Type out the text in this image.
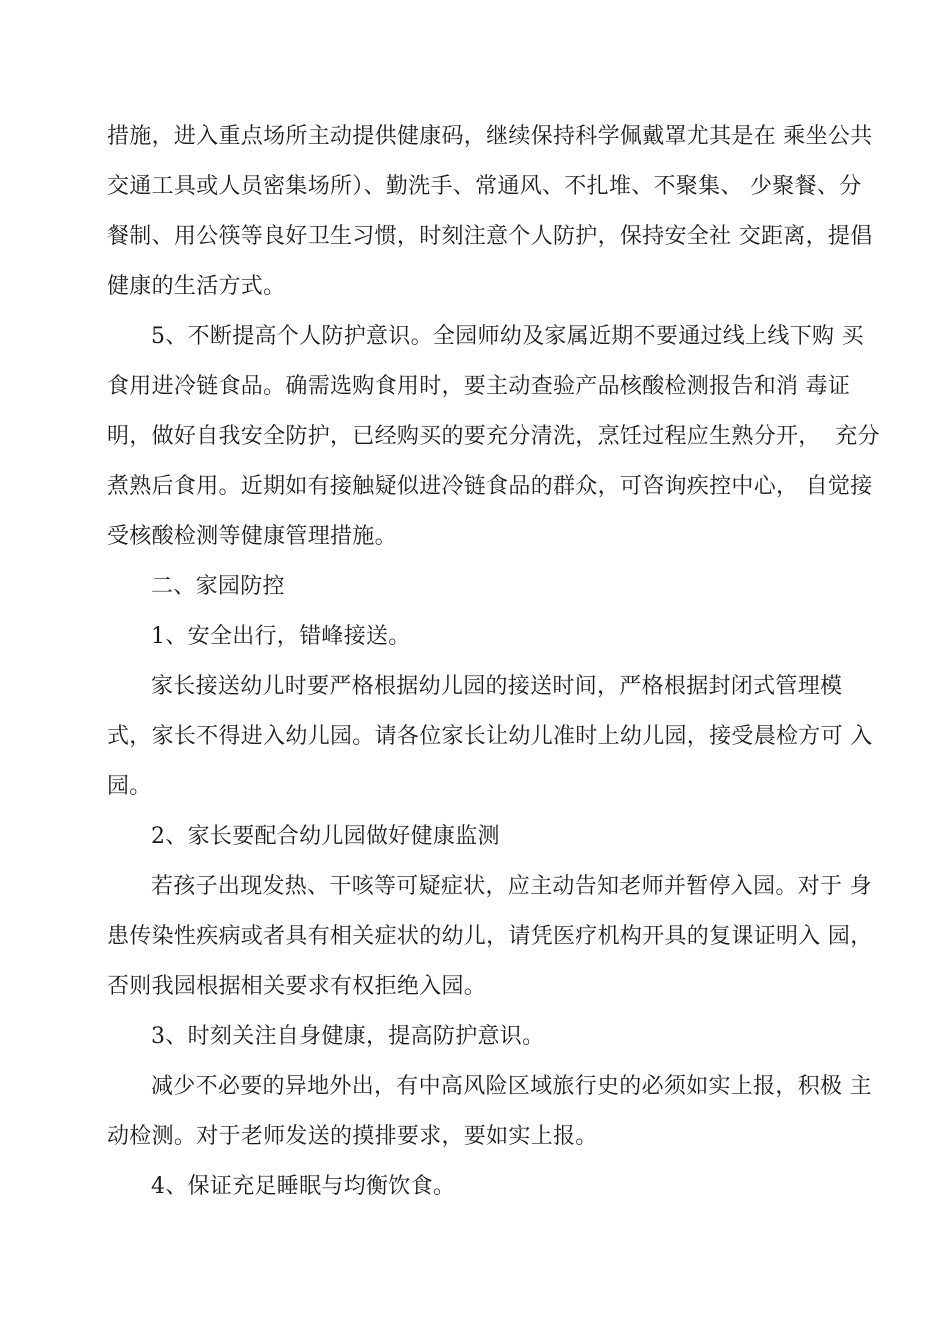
措施，进入重点场所主动提供健康码，继续保持科学佩戴罩尤其是在 乘坐公共
交通工具或人员密集场所）、勤洗手、常通风、不扎堆、不聚集、 少聚餐、分
餐制、用公筷等良好卫生习惯，时刻注意个人防护，保持安全社 交距离，提倡
健康的生活方式。
5、不断提高个人防护意识。全园师幼及家属近期不要通过线上线下购 买
食用进冷链食品。确需选购食用时，要主动查验产品核酸检测报告和消 毒证
明，做好自我安全防护，已经购买的要充分清洗，烹饪过程应生熟分开，  充分
煮熟后食用。近期如有接触疑似进冷链食品的群众，可咨询疾控中心， 自觉接
受核酸检测等健康管理措施。
二、家园防控
1、安全出行，错峰接送。
家长接送幼儿时要严格根据幼儿园的接送时间，严格根据封闭式管理模
式，家长不得进入幼儿园。请各位家长让幼儿准时上幼儿园，接受晨检方可 入
园。
2、家长要配合幼儿园做好健康监测
若孩子出现发热、干咳等可疑症状，应主动告知老师并暂停入园。对于 身
患传染性疾病或者具有相关症状的幼儿，请凭医疗机构开具的复课证明入 园，
否则我园根据相关要求有权拒绝入园。
3、时刻关注自身健康，提高防护意识。
减少不必要的异地外出，有中高风险区域旅行史的必须如实上报，积极 主
动检测。对于老师发送的摸排要求，要如实上报。
4、保证充足睡眠与均衡饮食。
